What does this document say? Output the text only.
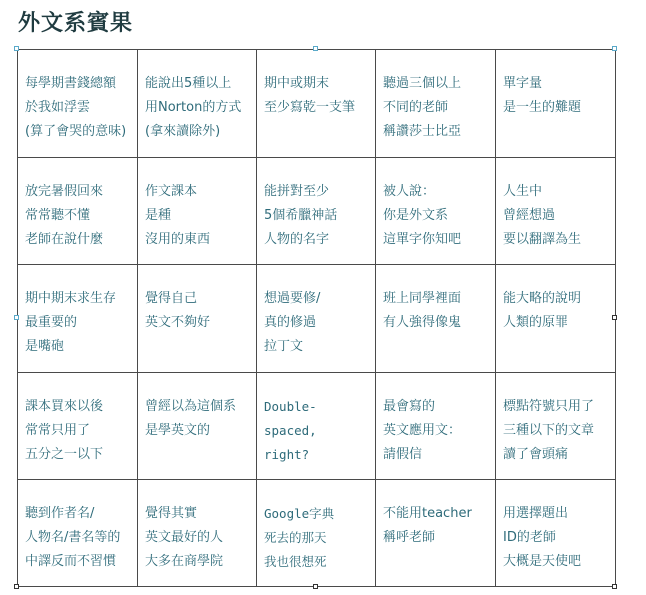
外文系賓果
每學期書錢總額
於我如浮雲
(算了會哭的意味)
能說出5種以上
用Norton的方式
(拿來讀除外)
期中或期末
至少寫乾一支筆
聽過三個以上
不同的老師
稱讚莎士比亞
單字量
是一生的難題
放完暑假回來
常常聽不懂
老師在說什麼
作文課本
是種
沒用的東西
能拼對至少
5個希臘神話
人物的名字
被人說：
你是外文系
這單字你知吧
人生中
曾經想過
要以翻譯為生
期中期末求生存
最重要的
是嘴砲
覺得自己
英文不夠好
想過要修/
真的修過
拉丁文
班上同學裡面
有人強得像鬼
能大略的說明
人類的原罪
課本買來以後
常常只用了
五分之一以下
曾經以為這個系
是學英文的
Double-
spaced,
right?
最會寫的
英文應用文：
請假信
標點符號只用了
三種以下的文章
讀了會頭痛
聽到作者名/
人物名/書名等的
中譯反而不習慣
覺得其實
英文最好的人
大多在商學院
Google字典
死去的那天
我也很想死
不能用teacher
稱呼老師
用選擇題出
ID的老師
大概是天使吧
